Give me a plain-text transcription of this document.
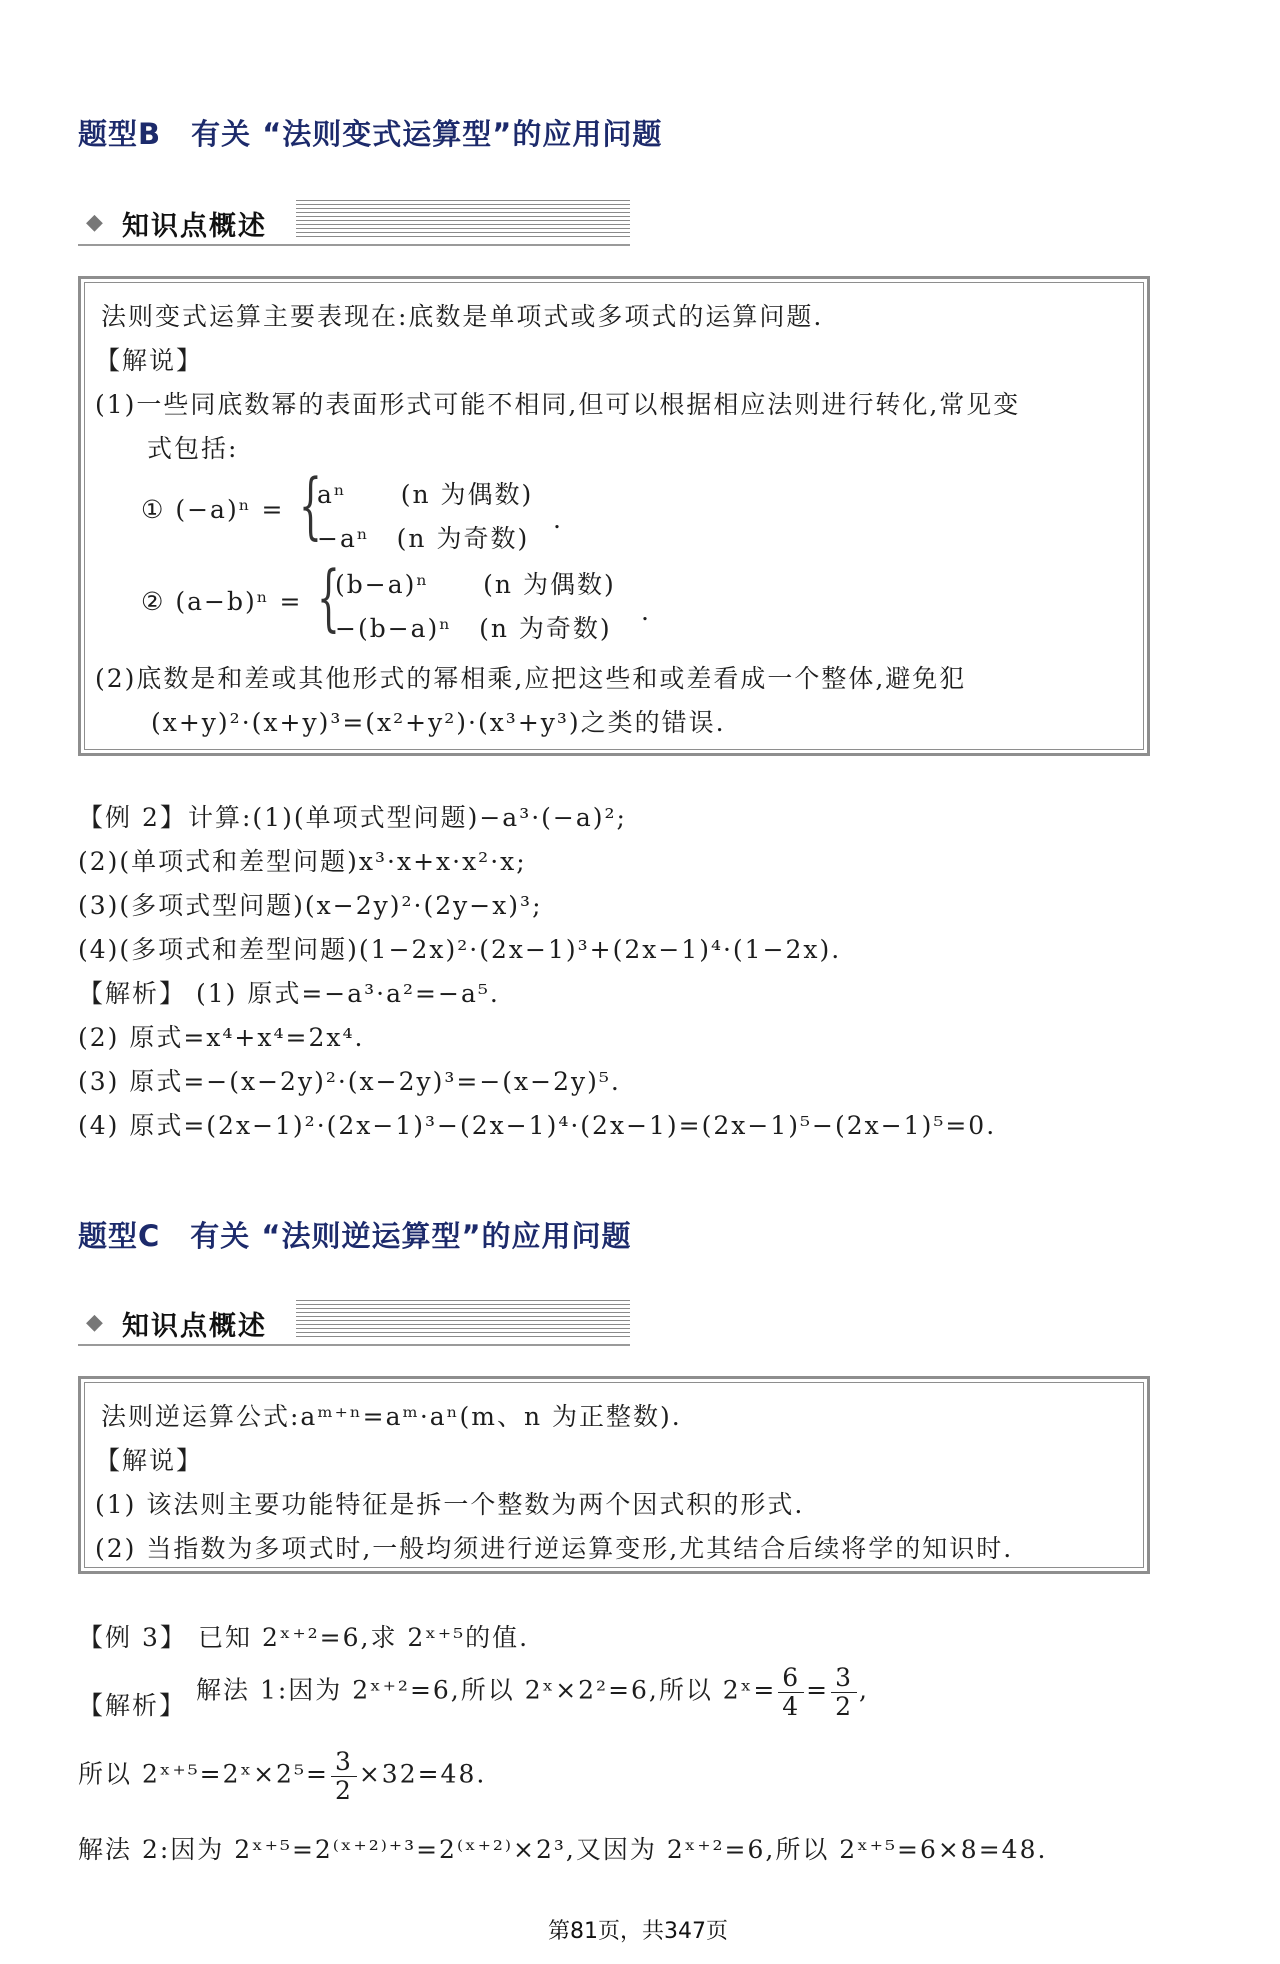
题型B　有关 “法则变式运算型”的应用问题
◆ 知识点概述
法则变式运算主要表现在:底数是单项式或多项式的运算问题.
【解说】
(1)一些同底数幂的表面形式可能不相同,但可以根据相应法则进行转化,常见变
式包括:
① (−a)ⁿ = {
aⁿ　　(n 为偶数)
−aⁿ　(n 为奇数)
.
② (a−b)ⁿ = {
(b−a)ⁿ　　(n 为偶数)
−(b−a)ⁿ　(n 为奇数)
.
(2)底数是和差或其他形式的幂相乘,应把这些和或差看成一个整体,避免犯
(x+y)²·(x+y)³=(x²+y²)·(x³+y³)之类的错误.
【例 2】 计算:(1)(单项式型问题)−a³·(−a)²;
(2)(单项式和差型问题)x³·x+x·x²·x;
(3)(多项式型问题)(x−2y)²·(2y−x)³;
(4)(多项式和差型问题)(1−2x)²·(2x−1)³+(2x−1)⁴·(1−2x).
【解析】 (1) 原式=−a³·a²=−a⁵.
(2) 原式=x⁴+x⁴=2x⁴.
(3) 原式=−(x−2y)²·(x−2y)³=−(x−2y)⁵.
(4) 原式=(2x−1)²·(2x−1)³−(2x−1)⁴·(2x−1)=(2x−1)⁵−(2x−1)⁵=0.
题型C　有关 “法则逆运算型”的应用问题
◆ 知识点概述
法则逆运算公式:aᵐ⁺ⁿ=aᵐ·aⁿ(m、n 为正整数).
【解说】
(1) 该法则主要功能特征是拆一个整数为两个因式积的形式.
(2) 当指数为多项式时,一般均须进行逆运算变形,尤其结合后续将学的知识时.
【例 3】 已知 2ˣ⁺²=6,求 2ˣ⁺⁵的值.
【解析】
解法 1:因为 2ˣ⁺²=6,所以 2ˣ×2²=6,所以 2ˣ= $\frac{6}{4} = \frac{3}{2}$ ,
所以 2ˣ⁺⁵=2ˣ×2⁵= $\frac{3}{2} \times 32=48$.
解法 2:因为 2ˣ⁺⁵=2⁽ˣ⁺²⁾⁺³=2⁽ˣ⁺²⁾×2³,又因为 2ˣ⁺²=6,所以 2ˣ⁺⁵=6×8=48.
第81页，共347页
